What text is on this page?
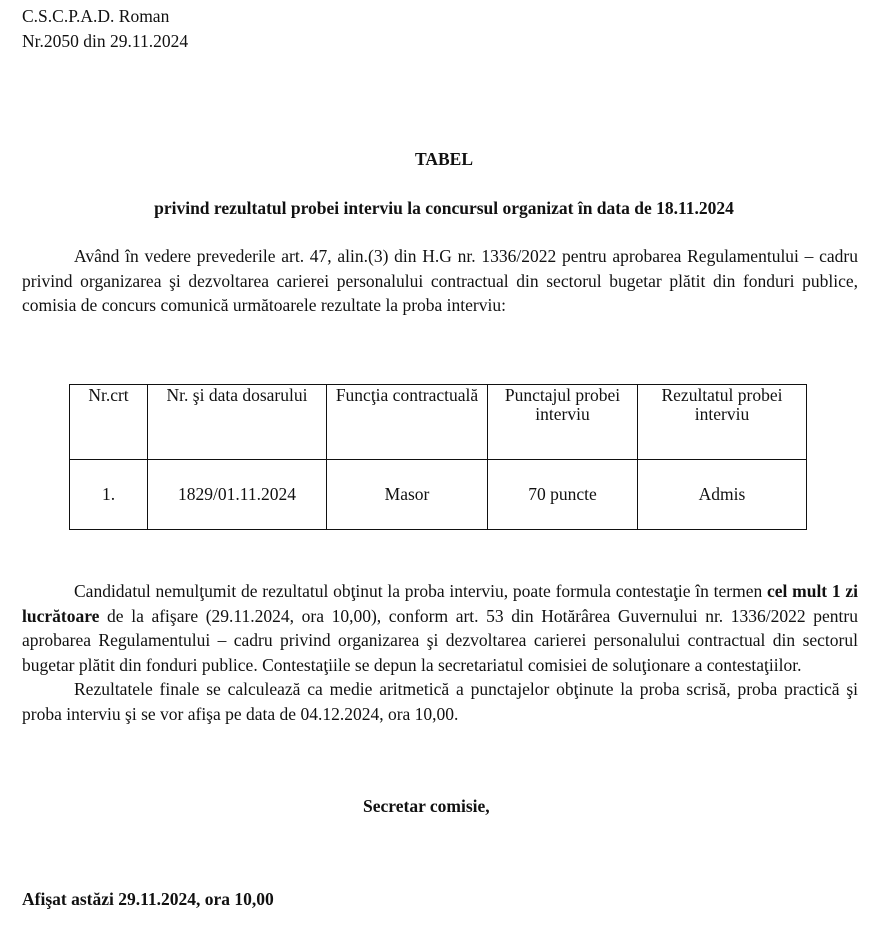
C.S.C.P.A.D. Roman
Nr.2050 din 29.11.2024
TABEL
privind rezultatul probei interviu la concursul organizat în data de 18.11.2024

Având în vedere prevederile art. 47, alin.(3) din H.G nr. 1336/2022 pentru aprobarea Regulamentului – cadru privind organizarea şi dezvoltarea carierei personalului contractual din sectorul bugetar plătit din fonduri publice, comisia de concurs comunică următoarele rezultate la proba interviu:

Nr.crt	Nr. şi data dosarului	Funcţia contractuală	Punctajul probei interviu	Rezultatul probei interviu
1.	1829/01.11.2024	Masor	70 puncte	Admis

Candidatul nemulţumit de rezultatul obţinut la proba interviu, poate formula contestaţie în termen cel mult 1 zi lucrătoare de la afişare (29.11.2024, ora 10,00), conform art. 53 din Hotărârea Guvernului nr. 1336/2022 pentru aprobarea Regulamentului – cadru privind organizarea şi dezvoltarea carierei personalului contractual din sectorul bugetar plătit din fonduri publice. Contestaţiile se depun la secretariatul comisiei de soluţionare a contestaţiilor.

Rezultatele finale se calculează ca medie aritmetică a punctajelor obţinute la proba scrisă, proba practică şi proba interviu şi se vor afişa pe data de 04.12.2024, ora 10,00.

Secretar comisie,
Afişat astăzi 29.11.2024, ora 10,00
